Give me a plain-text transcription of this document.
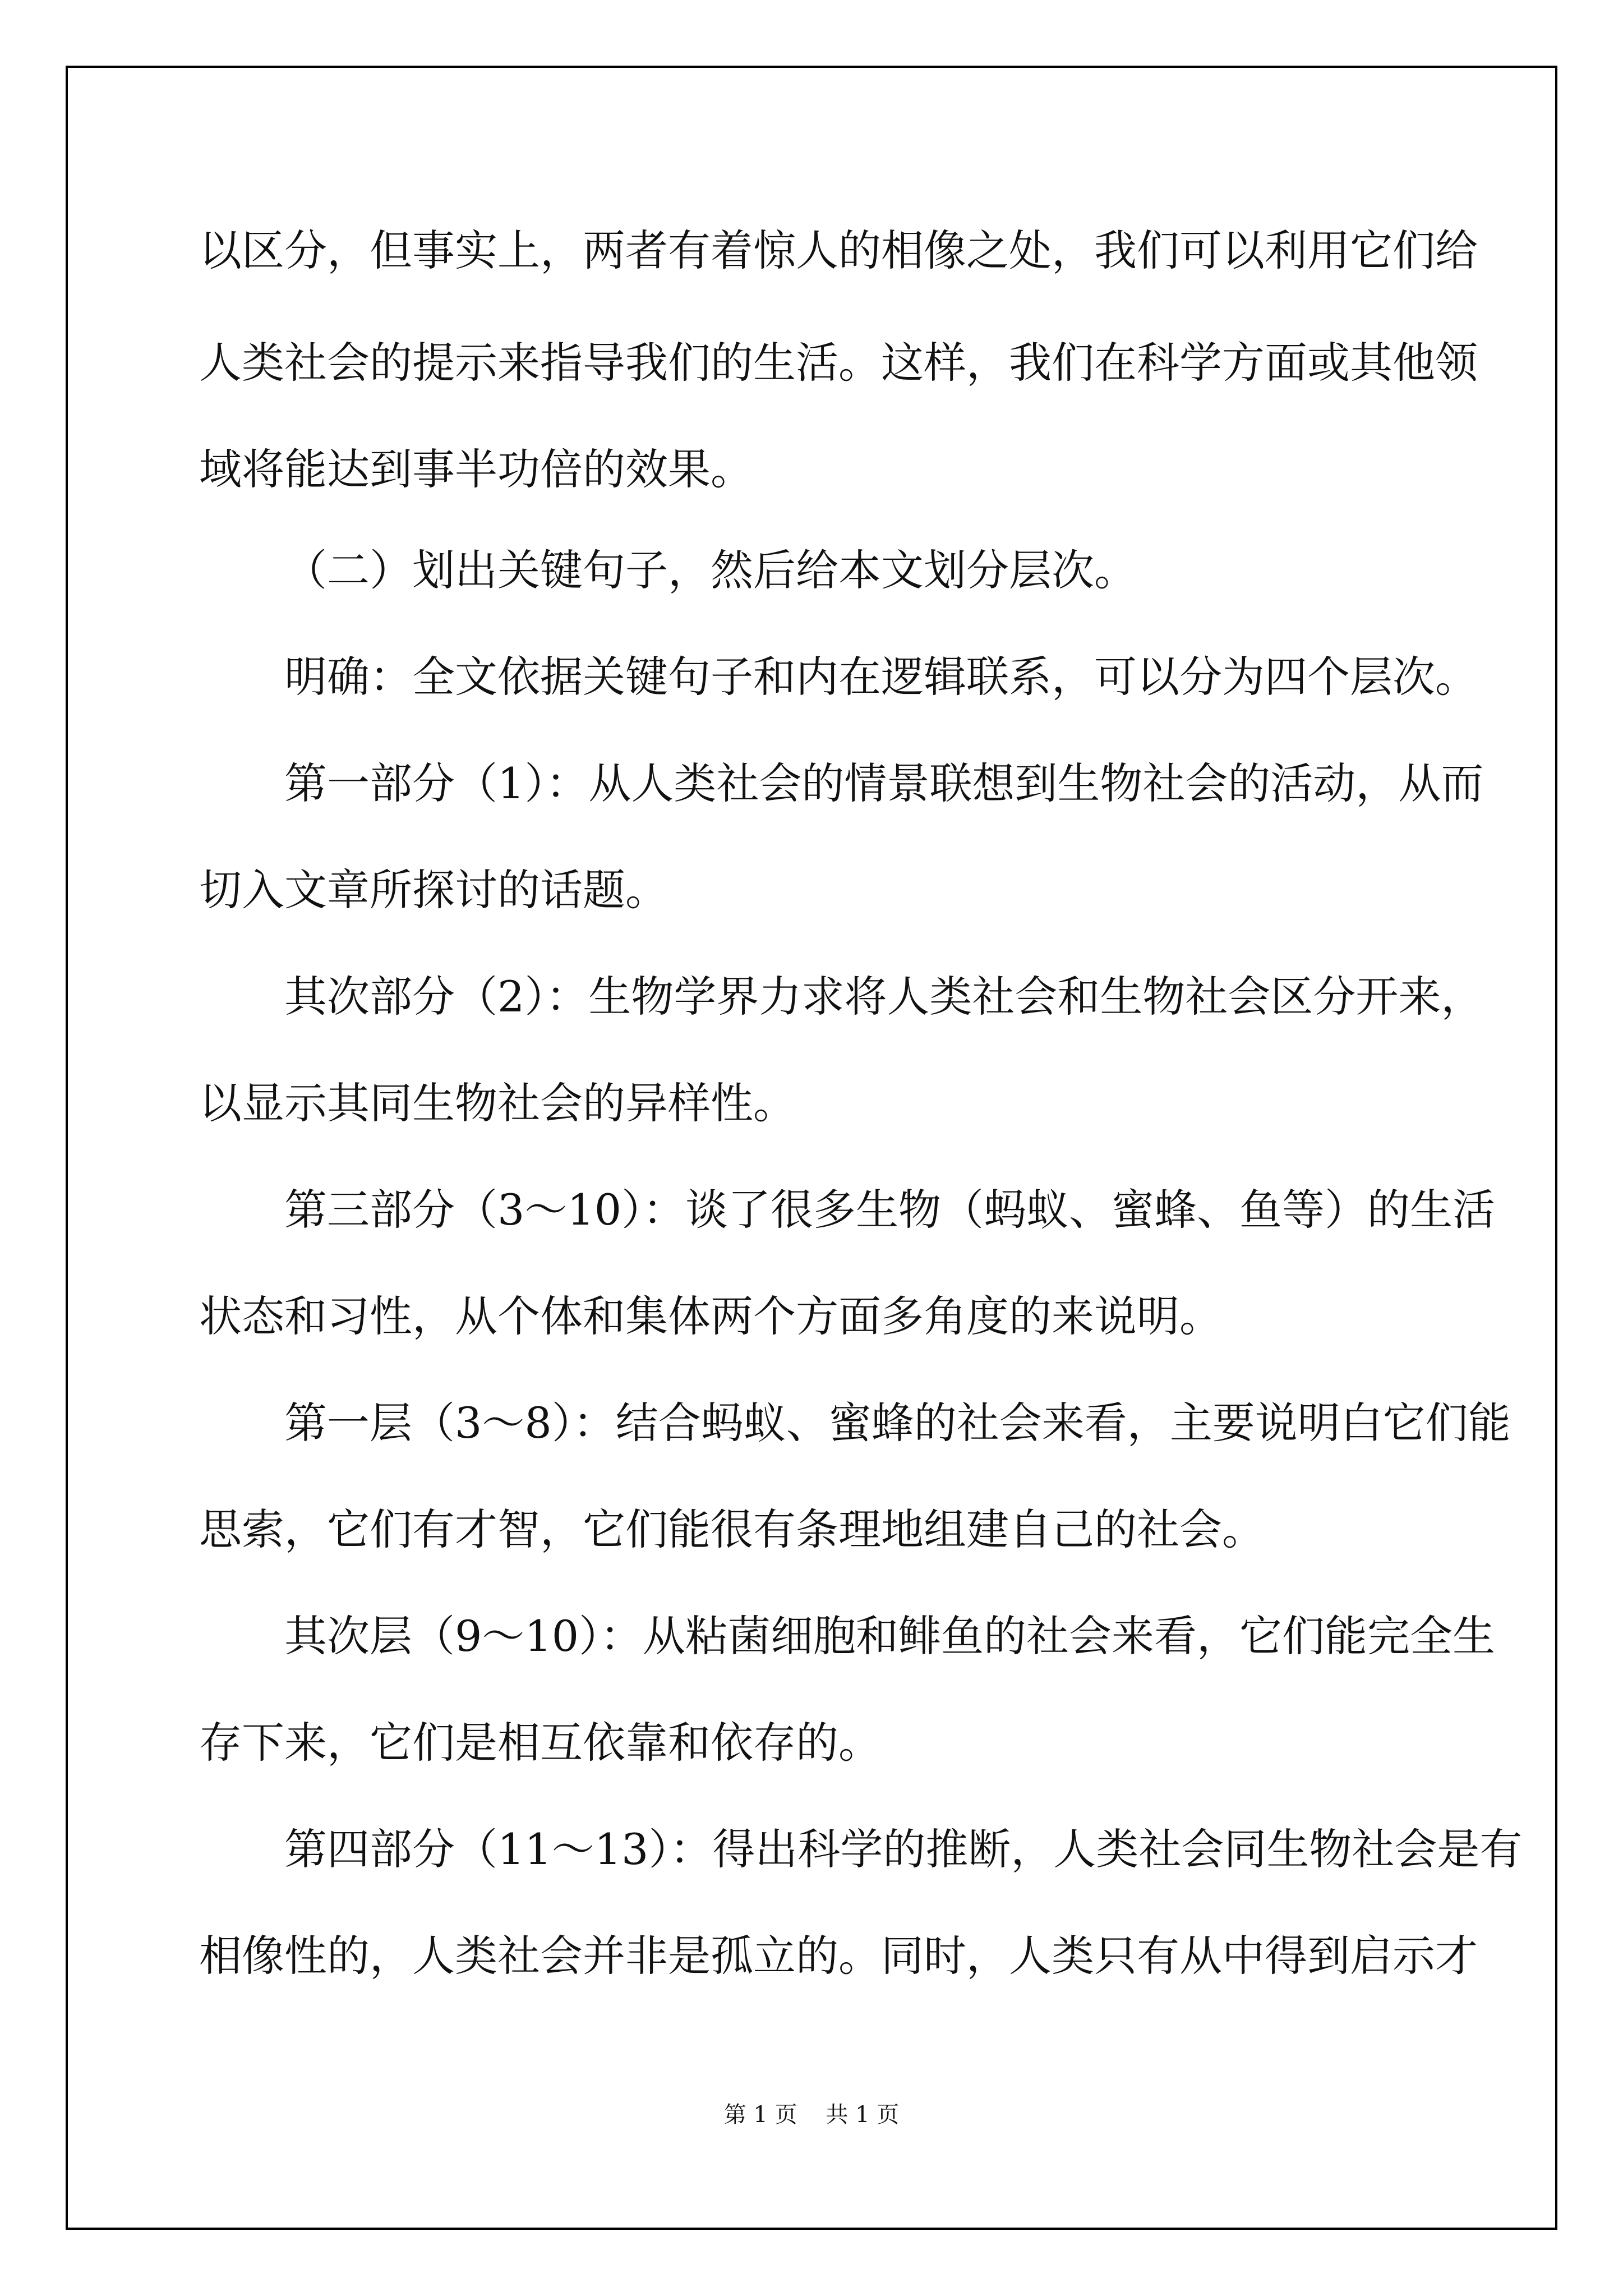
以区分，但事实上，两者有着惊人的相像之处，我们可以利用它们给
人类社会的提示来指导我们的生活。这样，我们在科学方面或其他领
域将能达到事半功倍的效果。
（二）划出关键句子，然后给本文划分层次。
明确：全文依据关键句子和内在逻辑联系，可以分为四个层次。
第一部分（1）：从人类社会的情景联想到生物社会的活动，从而
切入文章所探讨的话题。
其次部分（2）：生物学界力求将人类社会和生物社会区分开来，
以显示其同生物社会的异样性。
第三部分（3～10）：谈了很多生物（蚂蚁、蜜蜂、鱼等）的生活
状态和习性，从个体和集体两个方面多角度的来说明。
第一层（3～8）：结合蚂蚁、蜜蜂的社会来看，主要说明白它们能
思索，它们有才智，它们能很有条理地组建自己的社会。
其次层（9～10）：从粘菌细胞和鲱鱼的社会来看，它们能完全生
存下来，它们是相互依靠和依存的。
第四部分（11～13）：得出科学的推断，人类社会同生物社会是有
相像性的，人类社会并非是孤立的。同时，人类只有从中得到启示才
第 1 页    共 1 页
